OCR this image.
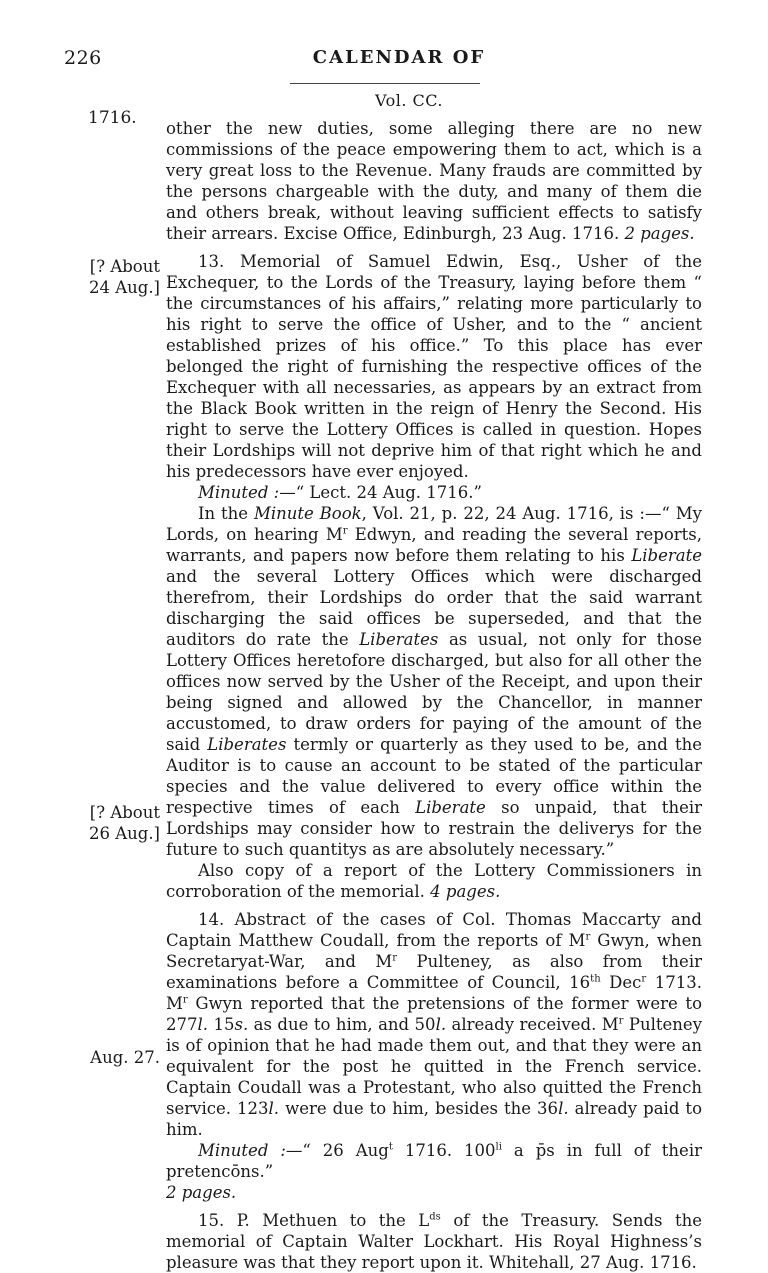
226	CALENDAR OF
Vol. CC.
1716.
[? About
24 Aug.]
[? About
26 Aug.]
Aug. 27.

other the new duties, some alleging there are no new commissions of the peace empowering them to act, which is a very great loss to the Revenue. Many frauds are committed by the persons chargeable with the duty, and many of them die and others break, without leaving sufficient effects to satisfy their arrears. Excise Office, Edinburgh, 23 Aug. 1716. 2 pages.

13. Memorial of Samuel Edwin, Esq., Usher of the Exchequer, to the Lords of the Treasury, laying before them “ the circumstances of his affairs,” relating more particularly to his right to serve the office of Usher, and to the “ ancient established prizes of his office.” To this place has ever belonged the right of furnishing the respective offices of the Exchequer with all necessaries, as appears by an extract from the Black Book written in the reign of Henry the Second. His right to serve the Lottery Offices is called in question. Hopes their Lordships will not deprive him of that right which he and his predecessors have ever enjoyed.

Minuted :—“ Lect. 24 Aug. 1716.”

In the Minute Book, Vol. 21, p. 22, 24 Aug. 1716, is :—“ My Lords, on hearing $M^r$ Edwyn, and reading the several reports, warrants, and papers now before them relating to his Liberate and the several Lottery Offices which were discharged therefrom, their Lordships do order that the said warrant discharging the said offices be superseded, and that the auditors do rate the Liberates as usual, not only for those Lottery Offices heretofore discharged, but also for all other the offices now served by the Usher of the Receipt, and upon their being signed and allowed by the Chancellor, in manner accustomed, to draw orders for paying of the amount of the said Liberates termly or quarterly as they used to be, and the Auditor is to cause an account to be stated of the particular species and the value delivered to every office within the respective times of each Liberate so unpaid, that their Lordships may consider how to restrain the deliverys for the future to such quantitys as are absolutely necessary.”

Also copy of a report of the Lottery Commissioners in corroboration of the memorial. 4 pages.

14. Abstract of the cases of Col. Thomas Maccarty and Captain Matthew Coudall, from the reports of $M^r$ Gwyn, when Secretaryat-War, and $M^r$ Pulteney, as also from their examinations before a Committee of Council, 16th Dec$^r$ 1713. $M^r$ Gwyn reported that the pretensions of the former were to 277l. 15s. as due to him, and 50l. already received. $M^r$ Pulteney is of opinion that he had made them out, and that they were an equivalent for the post he quitted in the French service. Captain Coudall was a Protestant, who also quitted the French service. 123l. were due to him, besides the 36l. already paid to him.

Minuted :—“ 26 Aug$^t$ 1716. $100^{li}$ a p̄s in full of their pretencōns.”

2 pages.

15. P. Methuen to the $L^{ds}$ of the Treasury. Sends the memorial of Captain Walter Lockhart. His Royal Highness’s pleasure was that they report upon it. Whitehall, 27 Aug. 1716.
